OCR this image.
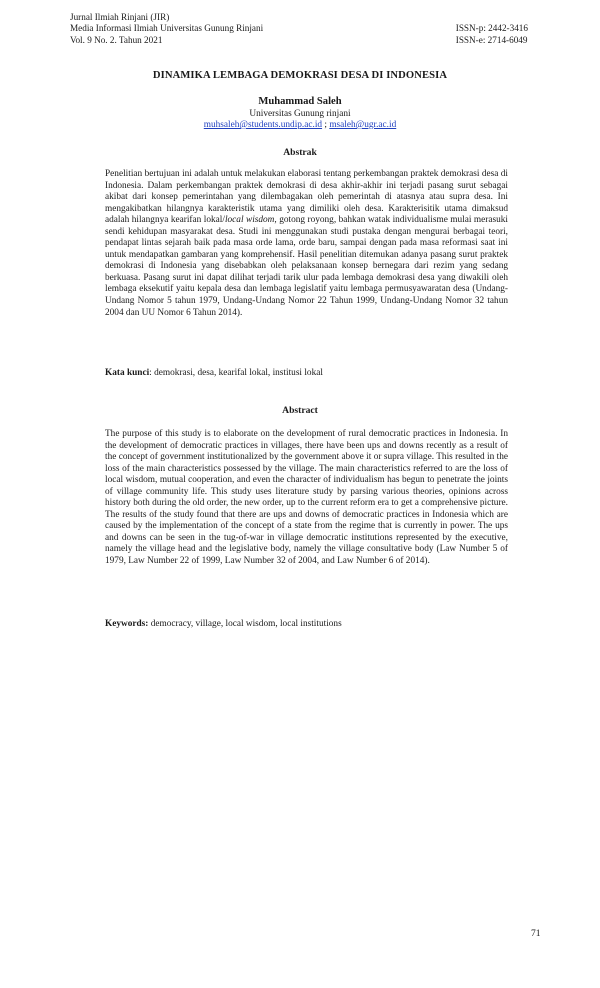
Jurnal Ilmiah Rinjani (JIR)
Media Informasi Ilmiah Universitas Gunung Rinjani
Vol. 9 No. 2. Tahun 2021
ISSN-p: 2442-3416
ISSN-e: 2714-6049
DINAMIKA LEMBAGA DEMOKRASI DESA DI INDONESIA
Muhammad Saleh
Universitas Gunung rinjani
muhsaleh@students.undip.ac.id ; msaleh@ugr.ac.id
Abstrak

Penelitian bertujuan ini adalah untuk melakukan elaborasi tentang perkembangan praktek demokrasi desa di Indonesia. Dalam perkembangan praktek demokrasi di desa akhir-akhir ini terjadi pasang surut sebagai akibat dari konsep pemerintahan yang dilembagakan oleh pemerintah di atasnya atau supra desa. Ini mengakibatkan hilangnya karakteristik utama yang dimiliki oleh desa. Karakterisitik utama dimaksud adalah hilangnya kearifan lokal/local wisdom, gotong royong, bahkan watak individualisme mulai merasuki sendi kehidupan masyarakat desa. Studi ini menggunakan studi pustaka dengan mengurai berbagai teori, pendapat lintas sejarah baik pada masa orde lama, orde baru, sampai dengan pada masa reformasi saat ini untuk mendapatkan gambaran yang komprehensif. Hasil penelitian ditemukan adanya pasang surut praktek demokrasi di Indonesia yang disebabkan oleh pelaksanaan konsep bernegara dari rezim yang sedang berkuasa. Pasang surut ini dapat dilihat terjadi tarik ulur pada lembaga demokrasi desa yang diwakili oleh lembaga eksekutif yaitu kepala desa dan lembaga legislatif yaitu lembaga permusyawaratan desa (Undang-Undang Nomor 5 tahun 1979, Undang-Undang Nomor 22 Tahun 1999, Undang-Undang Nomor 32 tahun 2004 dan UU Nomor 6 Tahun 2014).

Kata kunci: demokrasi, desa, kearifal lokal, institusi lokal
Abstract

The purpose of this study is to elaborate on the development of rural democratic practices in Indonesia. In the development of democratic practices in villages, there have been ups and downs recently as a result of the concept of government institutionalized by the government above it or supra village. This resulted in the loss of the main characteristics possessed by the village. The main characteristics referred to are the loss of local wisdom, mutual cooperation, and even the character of individualism has begun to penetrate the joints of village community life. This study uses literature study by parsing various theories, opinions across history both during the old order, the new order, up to the current reform era to get a comprehensive picture. The results of the study found that there are ups and downs of democratic practices in Indonesia which are caused by the implementation of the concept of a state from the regime that is currently in power. The ups and downs can be seen in the tug-of-war in village democratic institutions represented by the executive, namely the village head and the legislative body, namely the village consultative body (Law Number 5 of 1979, Law Number 22 of 1999, Law Number 32 of 2004, and Law Number 6 of 2014).

Keywords: democracy, village, local wisdom, local institutions
71
